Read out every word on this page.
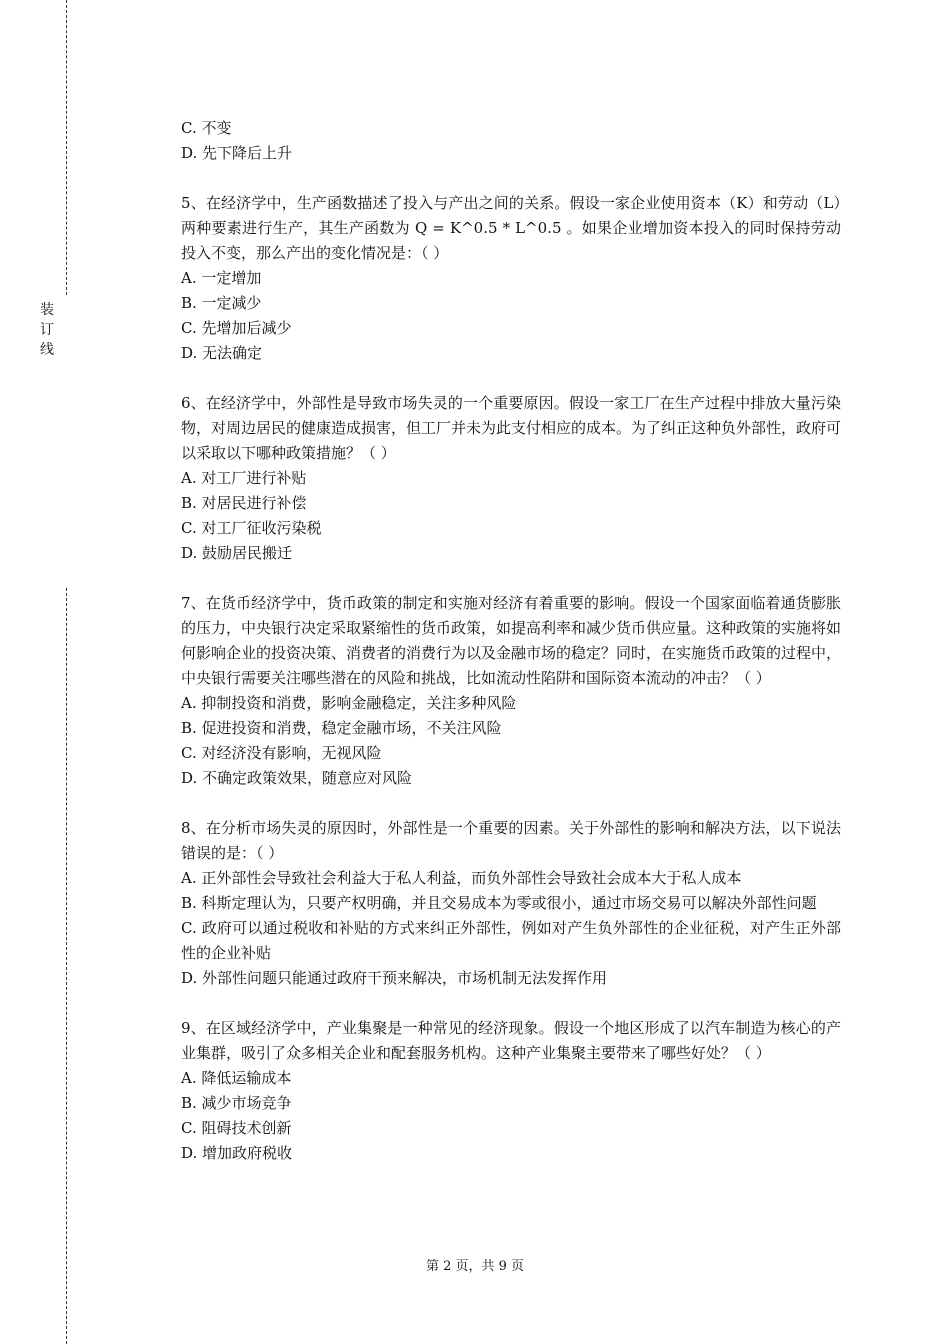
装
订
线

C. 不变

D. 先下降后上升

5、在经济学中，生产函数描述了投入与产出之间的关系。假设一家企业使用资本（K）和劳动（L）两种要素进行生产，其生产函数为 Q = K^0.5 * L^0.5 。如果企业增加资本投入的同时保持劳动投入不变，那么产出的变化情况是：（ ）

A. 一定增加

B. 一定减少

C. 先增加后减少

D. 无法确定

6、在经济学中，外部性是导致市场失灵的一个重要原因。假设一家工厂在生产过程中排放大量污染物，对周边居民的健康造成损害，但工厂并未为此支付相应的成本。为了纠正这种负外部性，政府可以采取以下哪种政策措施？（ ）

A. 对工厂进行补贴

B. 对居民进行补偿

C. 对工厂征收污染税

D. 鼓励居民搬迁

7、在货币经济学中，货币政策的制定和实施对经济有着重要的影响。假设一个国家面临着通货膨胀的压力，中央银行决定采取紧缩性的货币政策，如提高利率和减少货币供应量。这种政策的实施将如何影响企业的投资决策、消费者的消费行为以及金融市场的稳定？同时，在实施货币政策的过程中，中央银行需要关注哪些潜在的风险和挑战，比如流动性陷阱和国际资本流动的冲击？（ ）

A. 抑制投资和消费，影响金融稳定，关注多种风险

B. 促进投资和消费，稳定金融市场，不关注风险

C. 对经济没有影响，无视风险

D. 不确定政策效果，随意应对风险

8、在分析市场失灵的原因时，外部性是一个重要的因素。关于外部性的影响和解决方法，以下说法错误的是：（ ）

A. 正外部性会导致社会利益大于私人利益，而负外部性会导致社会成本大于私人成本

B. 科斯定理认为，只要产权明确，并且交易成本为零或很小，通过市场交易可以解决外部性问题

C. 政府可以通过税收和补贴的方式来纠正外部性，例如对产生负外部性的企业征税，对产生正外部性的企业补贴

D. 外部性问题只能通过政府干预来解决，市场机制无法发挥作用

9、在区域经济学中，产业集聚是一种常见的经济现象。假设一个地区形成了以汽车制造为核心的产业集群，吸引了众多相关企业和配套服务机构。这种产业集聚主要带来了哪些好处？（ ）

A. 降低运输成本

B. 减少市场竞争

C. 阻碍技术创新

D. 增加政府税收

第 2 页，共 9 页
